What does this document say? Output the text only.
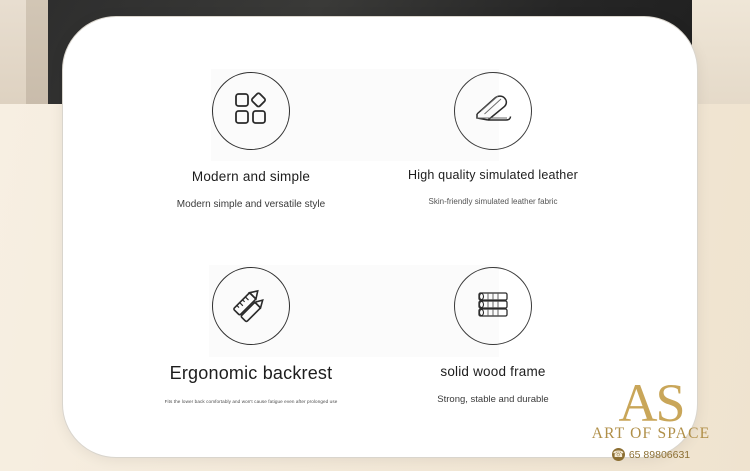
Modern and simple
Modern simple and versatile style
High quality simulated leather
Skin-friendly simulated leather fabric
Ergonomic backrest
Fits the lower back comfortably and won't cause fatigue even after prolonged use
solid wood frame
Strong, stable and durable	AS
ART OF SPACE
☎ 65 89806631
